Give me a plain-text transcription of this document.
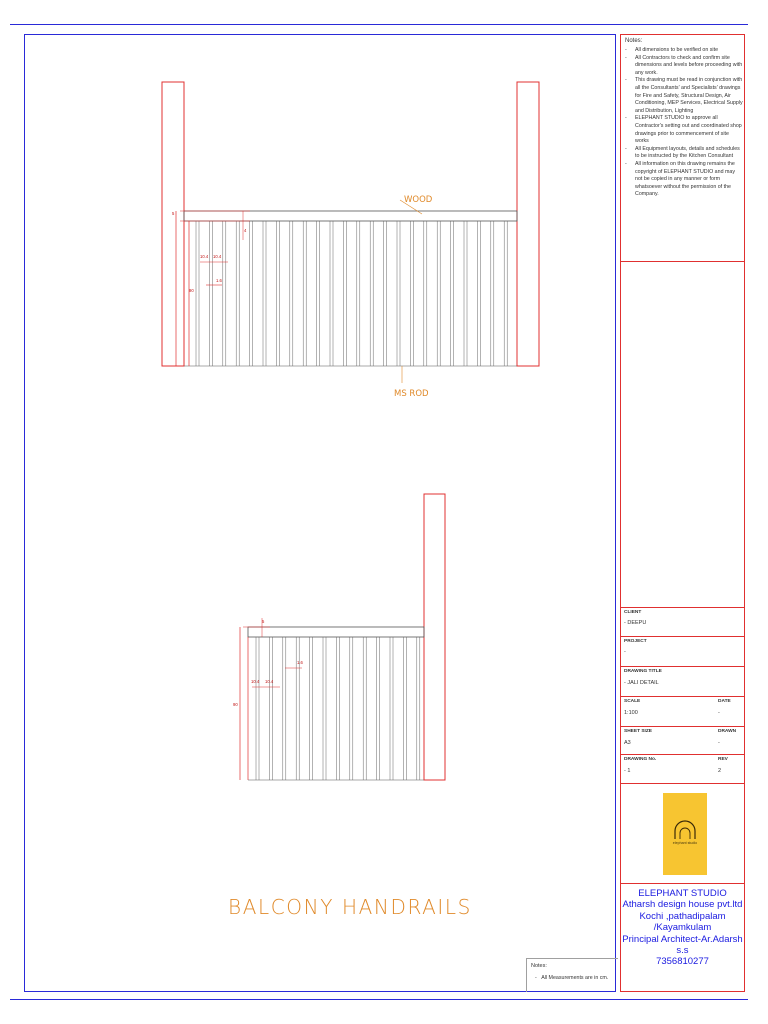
10.4 10.4
1.6
5
4
90
WOOD
MS ROD
10.4 10.4
1.6
5
90
BALCONY HANDRAILS
Notes:
-   All Measurements are in cm.
Notes:
- All dimensions to be verified on site
- All Contractors to check and confirm site dimensions and levels before proceeding with any work.
- This drawing must be read in conjunction with all the Consultants' and Specialists' drawings for Fire and Safety, Structural Design, Air Conditioning, MEP Services, Electrical Supply and Distribution, Lighting
- ELEPHANT STUDIO to approve all Contractor's setting out and coordinated shop drawings prior to commencement of site works
- All Equipment layouts, details and schedules to be instructed by the Kitchen Consultant
- All information on this drawing remains the copyright of ELEPHANT STUDIO and may not be copied in any manner or form whatsoever without the permission of the Company.
CLIENT
- DEEPU
PROJECT
-
DRAWING TITLE
- JALI DETAIL
SCALE
1:100
DATE
-
SHEET SIZE
A3
DRAWN
-
DRAWING No.
- 1
REV
2
elephant studio
ELEPHANT STUDIO
Atharsh design house pvt.ltd
Kochi ,pathadipalam
/Kayamkulam
Principal Architect-Ar.Adarsh s.s
7356810277
